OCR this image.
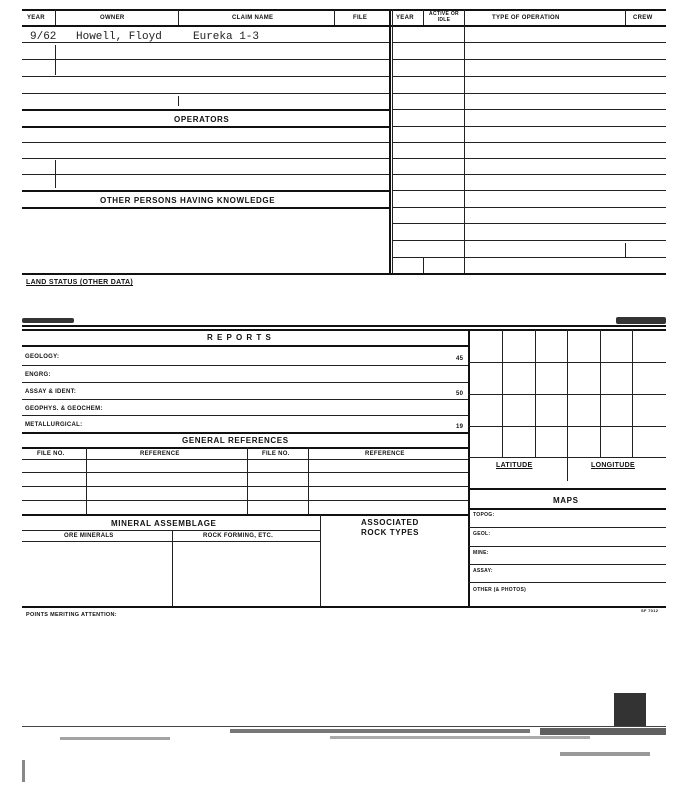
YEAR	OWNER	CLAIM NAME	FILE	YEAR
ACTIVE OR IDLE	TYPE OF OPERATION	CREW
9/62 Howell, Floyd	Eureka 1-3
OPERATORS
OTHER PERSONS HAVING KNOWLEDGE
LAND STATUS (OTHER DATA)
R E P O R T S
GEOLOGY:	45
ENGRG:
ASSAY & IDENT:	50
GEOPHYS. & GEOCHEM:
METALLURGICAL:	19
GENERAL REFERENCES
FILE NO.	REFERENCE	FILE NO.	REFERENCE
MINERAL ASSEMBLAGE
ORE MINERALS	ROCK FORMING, ETC.
ASSOCIATED
ROCK TYPES
LATITUDE	LONGITUDE
MAPS
TOPOG:
GEOL:
MINE:
ASSAY:
OTHER (& PHOTOS)
POINTS MERITING ATTENTION:
SF 7012
